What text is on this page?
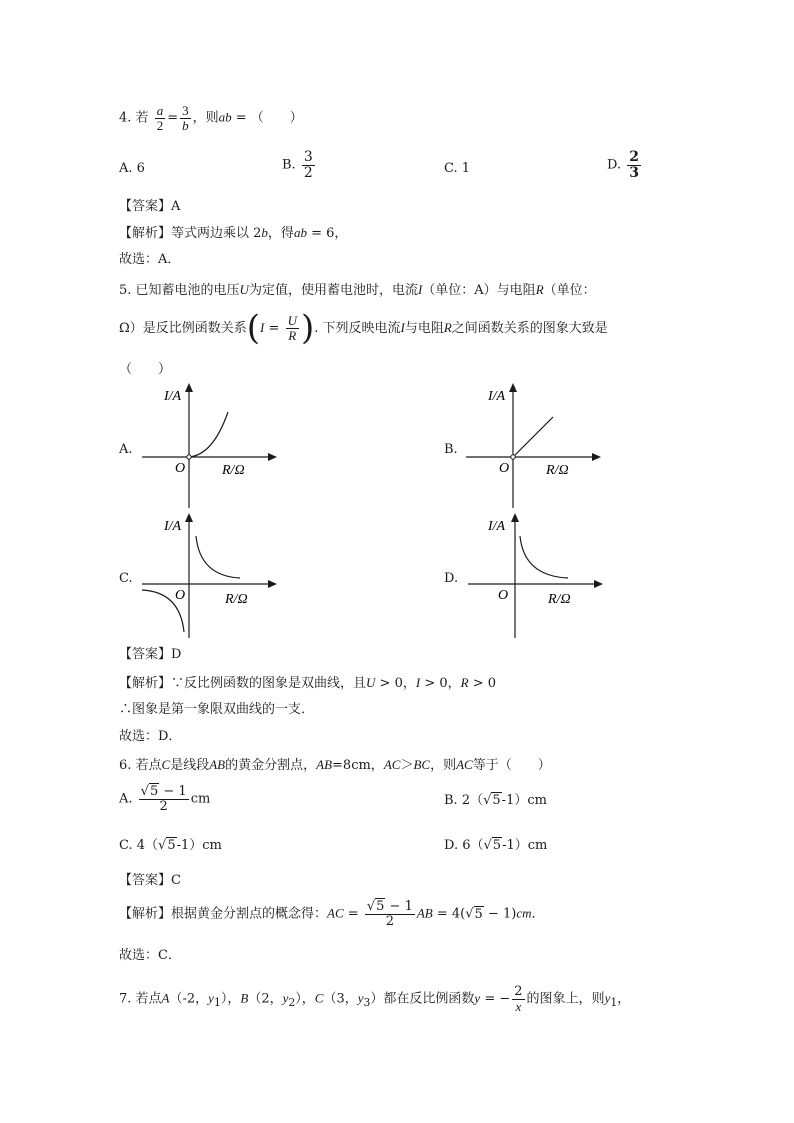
4. 若 $\frac{a}{2} = \frac{3}{b}$ ，则ab = （　　）
A. 6	B. $\frac{3}{2}$	C. 1	D. $\frac{2}{3}$
【答案】A
【解析】等式两边乘以 2b，得ab = 6，
故选：A．
5. 已知蓄电池的电压U为定值，使用蓄电池时，电流I（单位：A）与电阻R（单位：
Ω）是反比例函数关系($I = \frac{U}{R}$ ). 下列反映电流I与电阻R之间函数关系的图象大致是
（　　）
A.
I/A
O	R/Ω
B.
I/A
O	R/Ω
C.
I/A
O	R/Ω
D.
I/A
O	R/Ω
【答案】D
【解析】∵反比例函数的图象是双曲线，且U > 0，I > 0，R > 0
∴图象是第一象限双曲线的一支．
故选：D．
6. 若点C是线段AB的黄金分割点，AB=8cm，AC＞BC，则AC等于（　　）
A. $\frac{√5 - 1}{2}$ cm	B. 2（√5-1）cm
C. 4（√5-1）cm	D. 6（√5-1）cm
【答案】C
【解析】根据黄金分割点的概念得：AC = $\frac{√5 - 1}{2}$ AB = 4(√5 − 1)cm．
故选：C．
7. 若点A（-2，$y_1$），B（2，$y_2$），C（3，$y_3$）都在反比例函数y = − $\frac{2}{x}$ 的图象上，则$y_1$，
